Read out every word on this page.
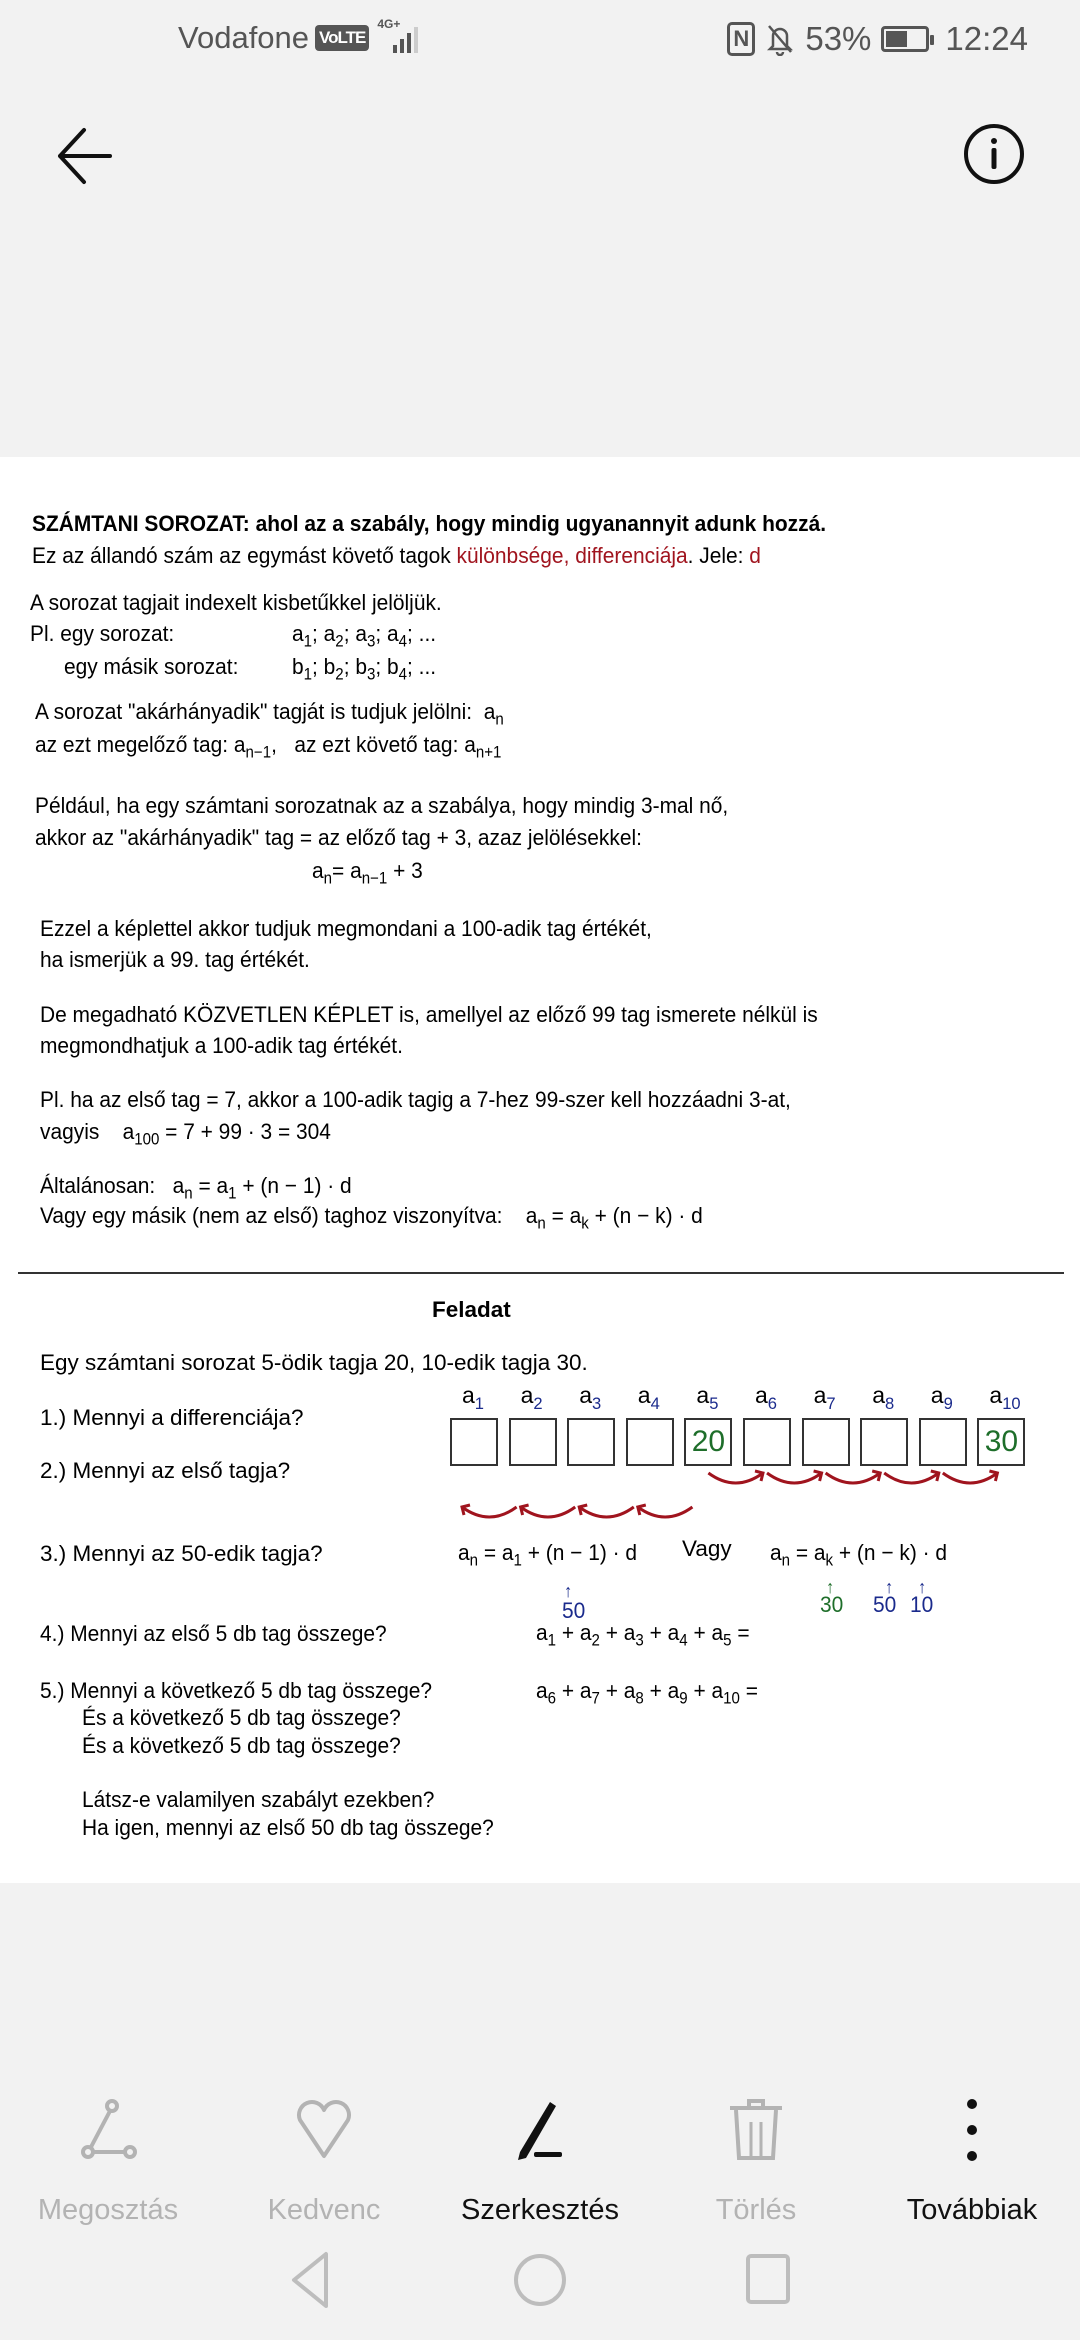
Vodafone VoLTE
4G+
N 53% 12:24
SZÁMTANI SOROZAT: ahol az a szabály, hogy mindig ugyanannyit adunk hozzá.
Ez az állandó szám az egymást követő tagok különbsége, differenciája. Jele: d
A sorozat tagjait indexelt kisbetűkkel jelöljük.
Pl. egy sorozat:	$a_1$; $a_2$; $a_3$; $a_4$; ...
egy másik sorozat: $b_1$; $b_2$; $b_3$; $b_4$; ...
A sorozat "akárhányadik" tagját is tudjuk jelölni: $a_n$
az ezt megelőző tag: $a_{n-1}$,   az ezt követő tag: $a_{n+1}$
Például, ha egy számtani sorozatnak az a szabálya, hogy mindig 3-mal nő,
akkor az "akárhányadik" tag = az előző tag + 3, azaz jelölésekkel:
$a_n= a_{n-1} + 3$
Ezzel a képlettel akkor tudjuk megmondani a 100-adik tag értékét,
ha ismerjük a 99. tag értékét.
De megadható KÖZVETLEN KÉPLET is, amellyel az előző 99 tag ismerete nélkül is
megmondhatjuk a 100-adik tag értékét.
Pl. ha az első tag = 7, akkor a 100-adik tagig a 7-hez 99-szer kell hozzáadni 3-at,
vagyis $a_{100} = 7 + 99 \cdot 3 = 304$
Általánosan: $a_n = a_1 + (n - 1) \cdot d$
Vagy egy másik (nem az első) taghoz viszonyítva: $a_n = a_k + (n - k) \cdot d$
Feladat
Egy számtani sorozat 5-ödik tagja 20, 10-edik tagja 30.
1.) Mennyi a differenciája?
2.) Mennyi az első tagja?
3.) Mennyi az 50-edik tagja?
4.) Mennyi az első 5 db tag összege?
5.) Mennyi a következő 5 db tag összege?
És a következő 5 db tag összege?
És a következő 5 db tag összege?
Látsz-e valamilyen szabályt ezekben?
Ha igen, mennyi az első 50 db tag összege?
$a_1$ $a_2$ $a_3$ $a_4$ $a_5$
20
$a_6$ $a_7$ $a_8$ $a_9$ $a_{10}$
30
$a_n = a_1 + (n - 1) \cdot d$ Vagy $a_n = a_k + (n - k) \cdot d$
↑
50
↑
30
↑
50
↑
10
$a_1 + a_2 + a_3 + a_4 + a_5$ =
$a_6 + a_7 + a_8 + a_9 + a_{10}$ =
Megosztás	Kedvenc	Szerkesztés	Törlés	Továbbiak
